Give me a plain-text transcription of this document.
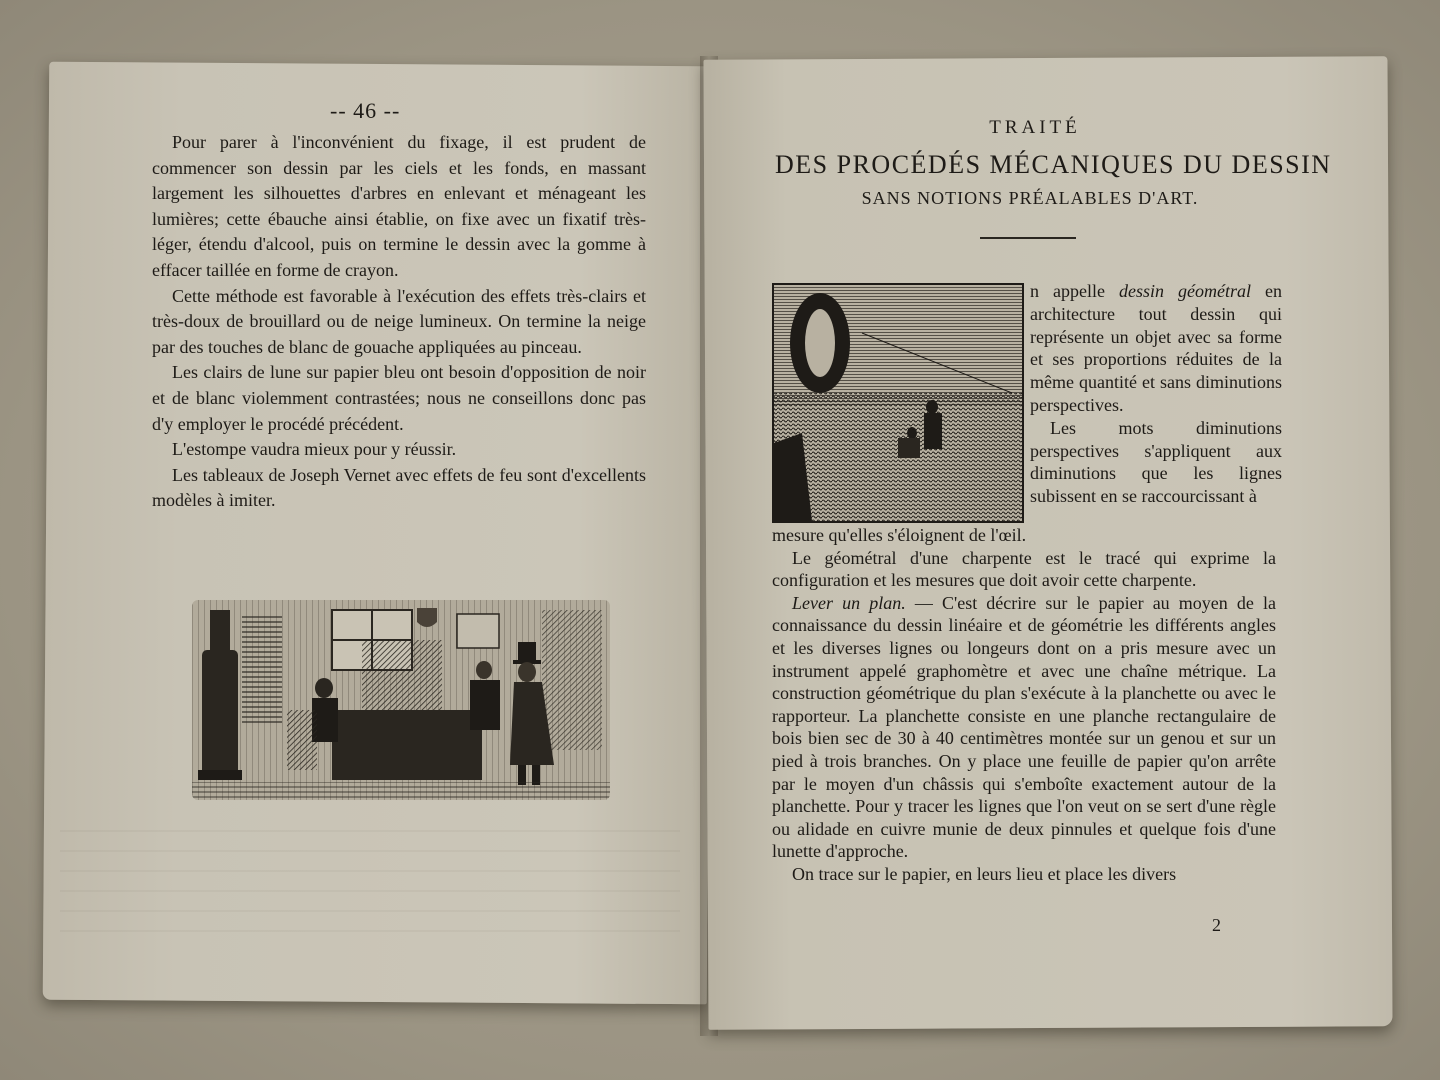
-- 46 --

Pour parer à l'inconvénient du fixage, il est prudent de commencer son dessin par les ciels et les fonds, en massant largement les silhouettes d'arbres en enlevant et ménageant les lumières; cette ébauche ainsi établie, on fixe avec un fixatif très-léger, étendu d'alcool, puis on termine le dessin avec la gomme à effacer taillée en forme de crayon.

Cette méthode est favorable à l'exécution des effets très-clairs et très-doux de brouillard ou de neige lumineux. On termine la neige par des touches de blanc de gouache appliquées au pinceau.

Les clairs de lune sur papier bleu ont besoin d'opposition de noir et de blanc violemment contrastées; nous ne conseillons donc pas d'y employer le procédé précédent.

L'estompe vaudra mieux pour y réussir.

Les tableaux de Joseph Vernet avec effets de feu sont d'excellents modèles à imiter.

TRAITÉ
DES PROCÉDÉS MÉCANIQUES DU DESSIN
SANS NOTIONS PRÉALABLES D'ART.

n appelle dessin géométral en architecture tout dessin qui représente un objet avec sa forme et ses proportions réduites de la même quantité et sans diminutions perspectives.

Les mots diminutions perspectives s'appliquent aux diminutions que les lignes subissent en se raccourcissant à

mesure qu'elles s'éloignent de l'œil.

Le géométral d'une charpente est le tracé qui exprime la configuration et les mesures que doit avoir cette charpente.

Lever un plan. — C'est décrire sur le papier au moyen de la connaissance du dessin linéaire et de géométrie les différents angles et les diverses lignes ou longeurs dont on a pris mesure avec un instrument appelé graphomètre et avec une chaîne métrique. La construction géométrique du plan s'exécute à la planchette ou avec le rapporteur. La planchette consiste en une planche rectangulaire de bois bien sec de 30 à 40 centimètres montée sur un genou et sur un pied à trois branches. On y place une feuille de papier qu'on arrête par le moyen d'un châssis qui s'emboîte exactement autour de la planchette. Pour y tracer les lignes que l'on veut on se sert d'une règle ou alidade en cuivre munie de deux pinnules et quelque fois d'une lunette d'approche.

On trace sur le papier, en leurs lieu et place les divers

2
